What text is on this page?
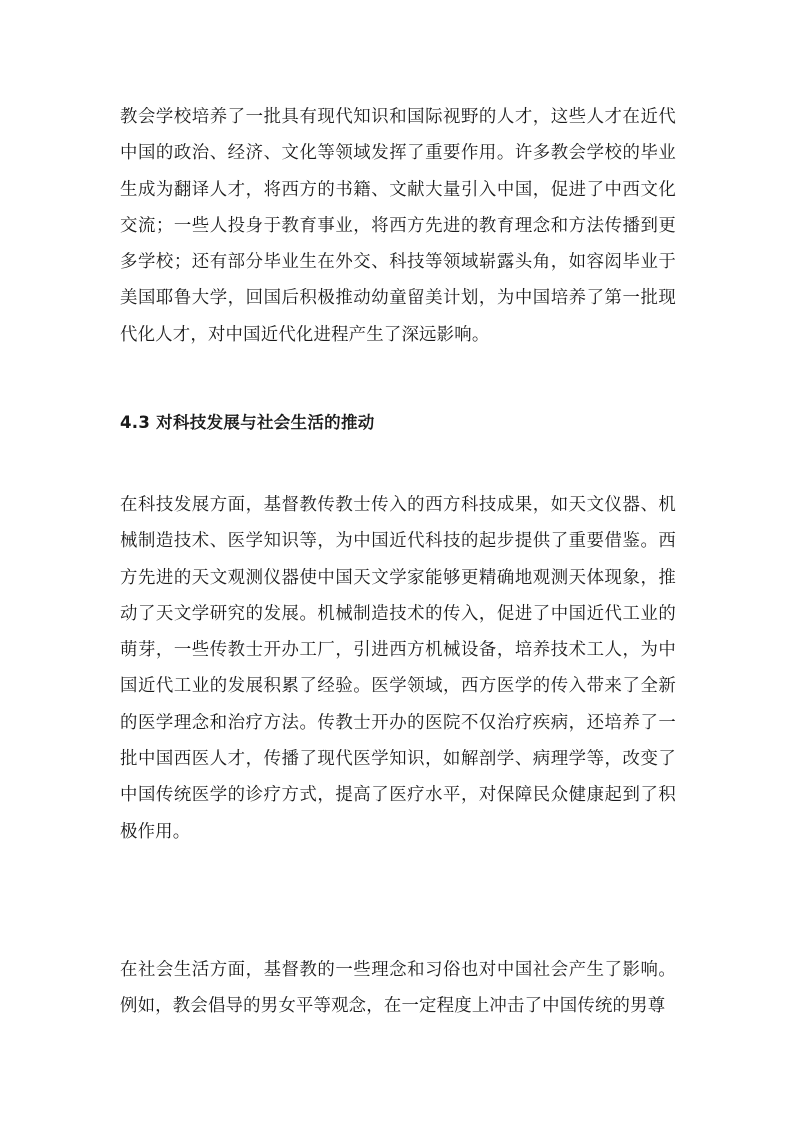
教会学校培养了一批具有现代知识和国际视野的人才，这些人才在近代中国的政治、经济、文化等领域发挥了重要作用。许多教会学校的毕业生成为翻译人才，将西方的书籍、文献大量引入中国，促进了中西文化交流；一些人投身于教育事业，将西方先进的教育理念和方法传播到更多学校；还有部分毕业生在外交、科技等领域崭露头角，如容闳毕业于美国耶鲁大学，回国后积极推动幼童留美计划，为中国培养了第一批现代化人才，对中国近代化进程产生了深远影响。

4.3 对科技发展与社会生活的推动

在科技发展方面，基督教传教士传入的西方科技成果，如天文仪器、机械制造技术、医学知识等，为中国近代科技的起步提供了重要借鉴。西方先进的天文观测仪器使中国天文学家能够更精确地观测天体现象，推动了天文学研究的发展。机械制造技术的传入，促进了中国近代工业的萌芽，一些传教士开办工厂，引进西方机械设备，培养技术工人，为中国近代工业的发展积累了经验。医学领域，西方医学的传入带来了全新的医学理念和治疗方法。传教士开办的医院不仅治疗疾病，还培养了一批中国西医人才，传播了现代医学知识，如解剖学、病理学等，改变了中国传统医学的诊疗方式，提高了医疗水平，对保障民众健康起到了积极作用。

在社会生活方面，基督教的一些理念和习俗也对中国社会产生了影响。例如，教会倡导的男女平等观念，在一定程度上冲击了中国传统的男尊
